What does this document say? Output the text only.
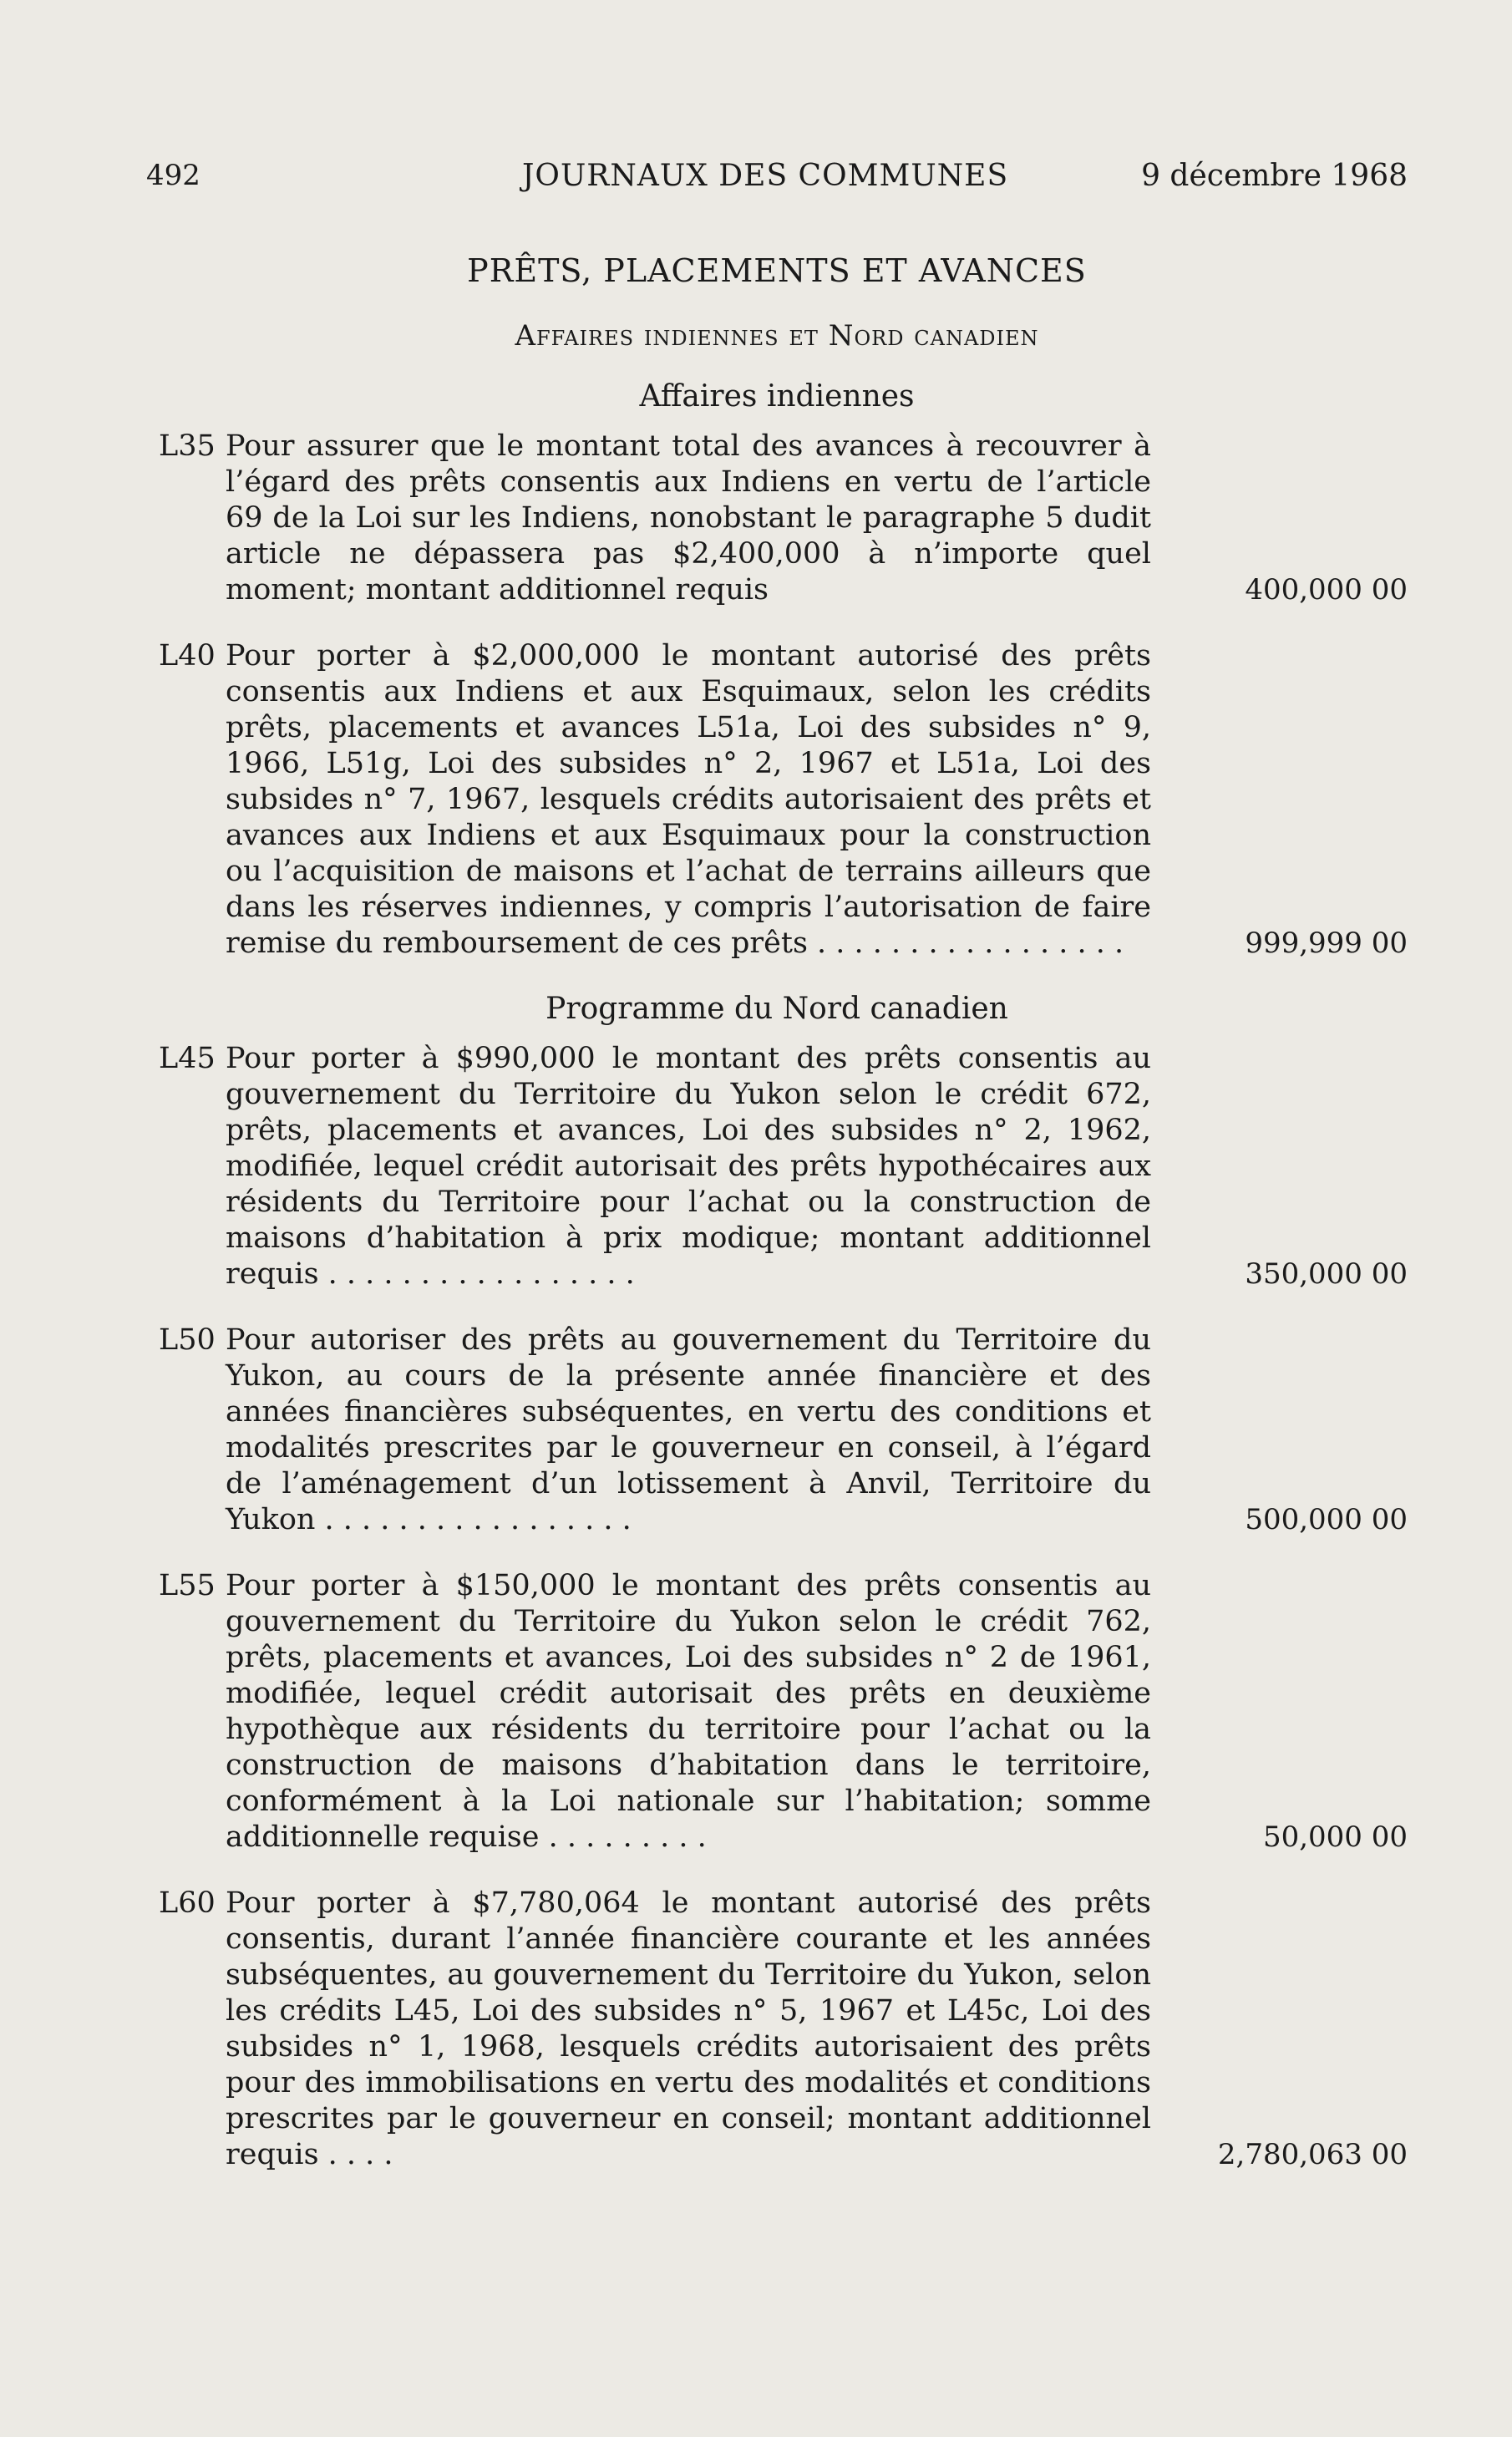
492	JOURNAUX DES COMMUNES	9 décembre 1968
PRÊTS, PLACEMENTS ET AVANCES
Affaires indiennes et Nord canadien
Affaires indiennes
L35 Pour assurer que le montant total des avances à recouvrer à l’égard des prêts consentis aux Indiens en vertu de l’article 69 de la Loi sur les Indiens, nonobstant le paragraphe 5 dudit article ne dépassera pas $2,400,000 à n’importe quel moment; montant additionnel requis	400,000 00
L40 Pour porter à $2,000,000 le montant autorisé des prêts consentis aux Indiens et aux Esquimaux, selon les crédits prêts, placements et avances L51a, Loi des subsides n° 9, 1966, L51g, Loi des subsides n° 2, 1967 et L51a, Loi des subsides n° 7, 1967, lesquels crédits autorisaient des prêts et avances aux Indiens et aux Esquimaux pour la construction ou l’acquisition de maisons et l’achat de terrains ailleurs que dans les réserves indiennes, y compris l’autorisation de faire remise du remboursement de ces prêts . . . . . . . . . . . . . . . . .	999,999 00
Programme du Nord canadien
L45 Pour porter à $990,000 le montant des prêts consentis au gouvernement du Territoire du Yukon selon le crédit 672, prêts, placements et avances, Loi des subsides n° 2, 1962, modifiée, lequel crédit autorisait des prêts hypothécaires aux résidents du Territoire pour l’achat ou la construction de maisons d’habitation à prix modique; montant additionnel requis . . . . . . . . . . . . . . . . .	350,000 00
L50 Pour autoriser des prêts au gouvernement du Territoire du Yukon, au cours de la présente année financière et des années financières subséquentes, en vertu des conditions et modalités prescrites par le gouverneur en conseil, à l’égard de l’aménagement d’un lotissement à Anvil, Territoire du Yukon . . . . . . . . . . . . . . . . .	500,000 00
L55 Pour porter à $150,000 le montant des prêts consentis au gouvernement du Territoire du Yukon selon le crédit 762, prêts, placements et avances, Loi des subsides n° 2 de 1961, modifiée, lequel crédit autorisait des prêts en deuxième hypothèque aux résidents du territoire pour l’achat ou la construction de maisons d’habitation dans le territoire, conformément à la Loi nationale sur l’habitation; somme additionnelle requise . . . . . . . . .	50,000 00
L60 Pour porter à $7,780,064 le montant autorisé des prêts consentis, durant l’année financière courante et les années subséquentes, au gouvernement du Territoire du Yukon, selon les crédits L45, Loi des subsides n° 5, 1967 et L45c, Loi des subsides n° 1, 1968, lesquels crédits autorisaient des prêts pour des immobilisations en vertu des modalités et conditions prescrites par le gouverneur en conseil; montant additionnel requis . . . .	2,780,063 00
